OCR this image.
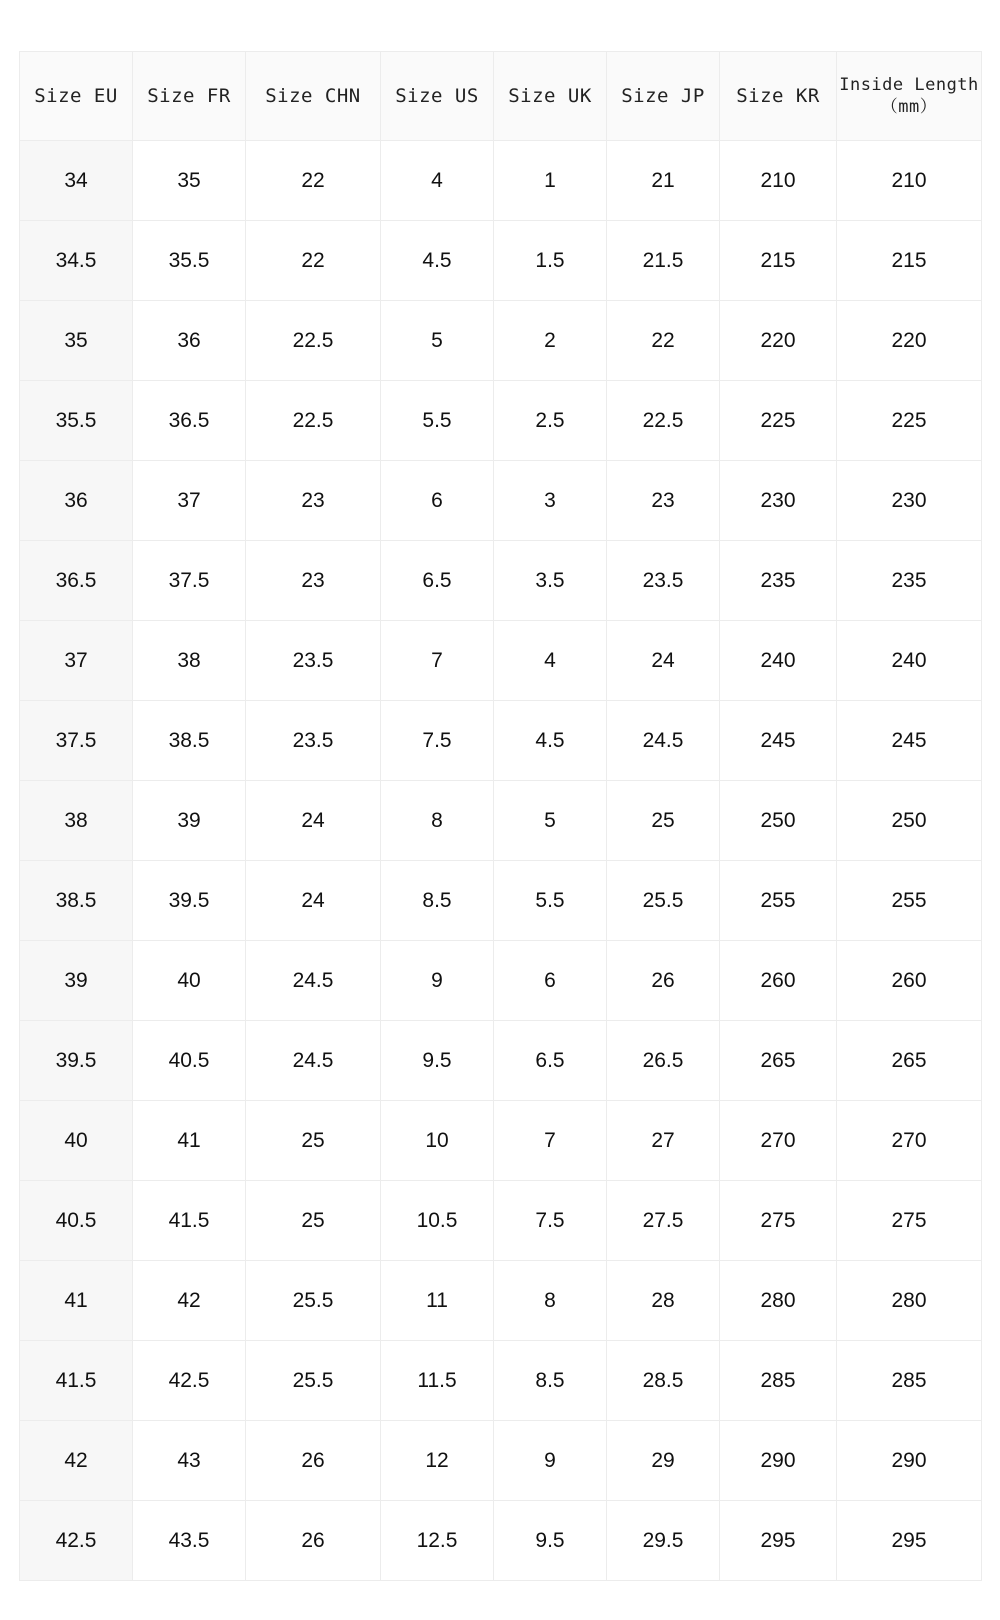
Size EU	Size FR	Size CHN	Size US	Size UK	Size JP	Size KR	Inside Length
（mm）

34	35	22	4	1	21	210	210
34.5	35.5	22	4.5	1.5	21.5	215	215
35	36	22.5	5	2	22	220	220
35.5	36.5	22.5	5.5	2.5	22.5	225	225
36	37	23	6	3	23	230	230
36.5	37.5	23	6.5	3.5	23.5	235	235
37	38	23.5	7	4	24	240	240
37.5	38.5	23.5	7.5	4.5	24.5	245	245
38	39	24	8	5	25	250	250
38.5	39.5	24	8.5	5.5	25.5	255	255
39	40	24.5	9	6	26	260	260
39.5	40.5	24.5	9.5	6.5	26.5	265	265
40	41	25	10	7	27	270	270
40.5	41.5	25	10.5	7.5	27.5	275	275
41	42	25.5	11	8	28	280	280
41.5	42.5	25.5	11.5	8.5	28.5	285	285
42	43	26	12	9	29	290	290
42.5	43.5	26	12.5	9.5	29.5	295	295
